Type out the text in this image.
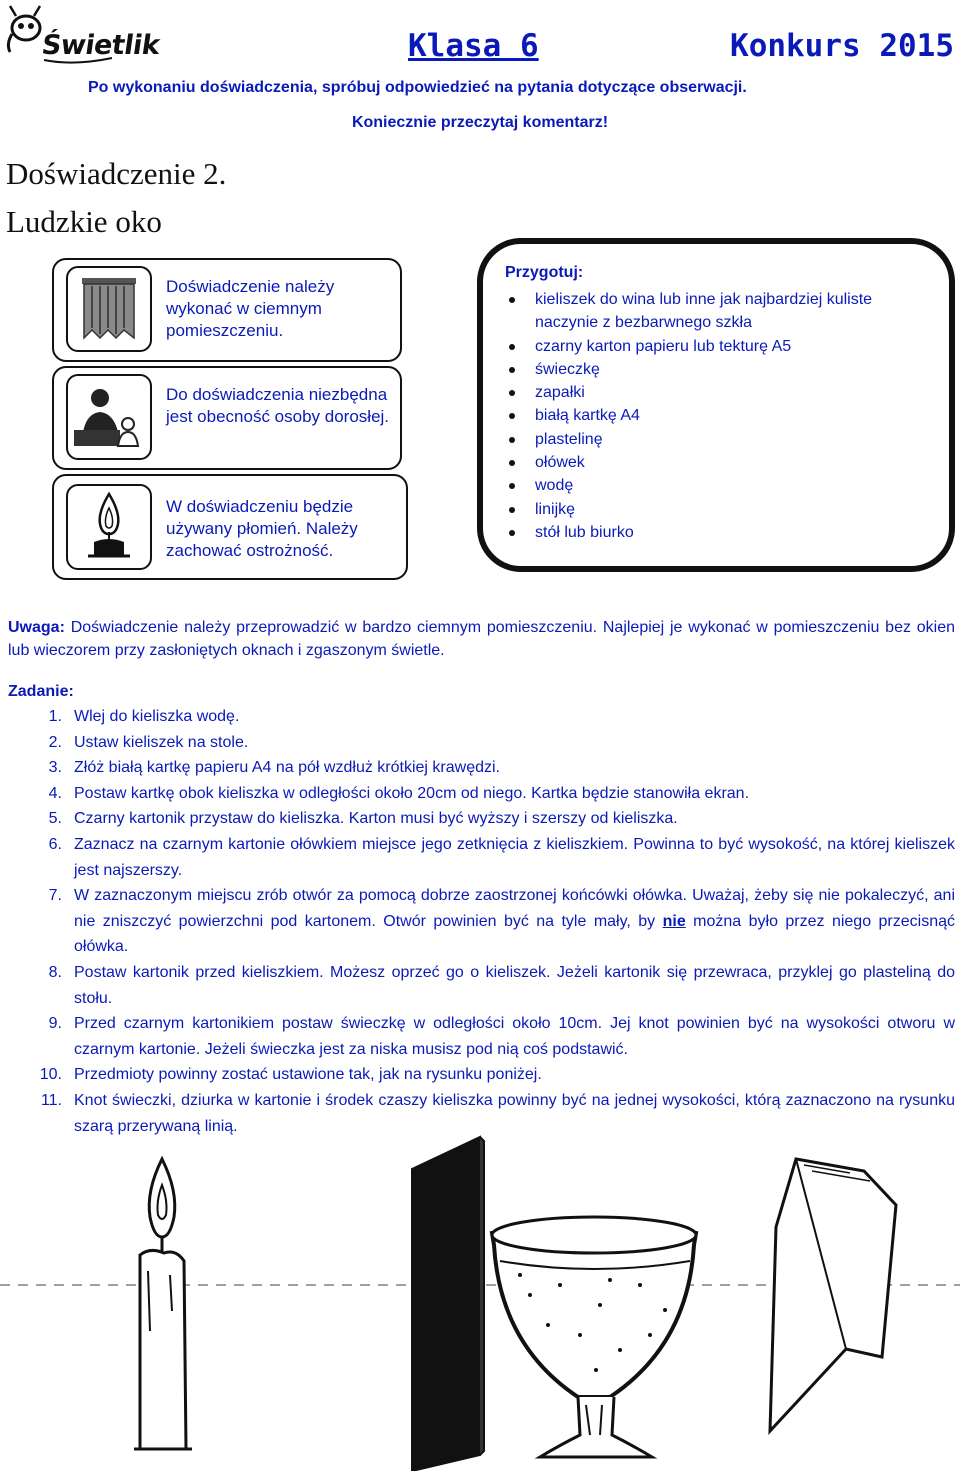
Świetlik	Klasa 6	Konkurs 2015
Po wykonaniu doświadczenia, spróbuj odpowiedzieć na pytania dotyczące obserwacji.
Koniecznie przeczytaj komentarz!
Doświadczenie 2.
Ludzkie oko
Doświadczenie należy wykonać w ciemnym pomieszczeniu.
Do doświadczenia niezbędna jest obecność osoby dorosłej.
W doświadczeniu będzie używany płomień. Należy zachować ostrożność.
Przygotuj:
kieliszek do wina lub inne jak najbardziej kuliste naczynie z bezbarwnego szkła
czarny karton papieru lub tekturę A5
świeczkę
zapałki
białą kartkę A4
plastelinę
ołówek
wodę
linijkę
stół lub biurko
Uwaga: Doświadczenie należy przeprowadzić w bardzo ciemnym pomieszczeniu. Najlepiej je wykonać w pomieszczeniu bez okien lub wieczorem przy zasłoniętych oknach i zgaszonym świetle.
Zadanie:
1. Wlej do kieliszka wodę.
2. Ustaw kieliszek na stole.
3. Złóż białą kartkę papieru A4 na pół wzdłuż krótkiej krawędzi.
4. Postaw kartkę obok kieliszka w odległości około 20cm od niego. Kartka będzie stanowiła ekran.
5. Czarny kartonik przystaw do kieliszka. Karton musi być wyższy i szerszy od kieliszka.
6. Zaznacz na czarnym kartonie ołówkiem miejsce jego zetknięcia z kieliszkiem. Powinna to być wysokość, na której kieliszek jest najszerszy.
7. W zaznaczonym miejscu zrób otwór za pomocą dobrze zaostrzonej końcówki ołówka. Uważaj, żeby się nie pokaleczyć, ani nie zniszczyć powierzchni pod kartonem. Otwór powinien być na tyle mały, by nie można było przez niego przecisnąć ołówka.
8. Postaw kartonik przed kieliszkiem. Możesz oprzeć go o kieliszek. Jeżeli kartonik się przewraca, przyklej go plasteliną do stołu.
9. Przed czarnym kartonikiem postaw świeczkę w odległości około 10cm. Jej knot powinien być na wysokości otworu w czarnym kartonie. Jeżeli świeczka jest za niska musisz pod nią coś podstawić.
10. Przedmioty powinny zostać ustawione tak, jak na rysunku poniżej.
11. Knot świeczki, dziurka w kartonie i środek czaszy kieliszka powinny być na jednej wysokości, którą zaznaczono na rysunku szarą przerywaną linią.
